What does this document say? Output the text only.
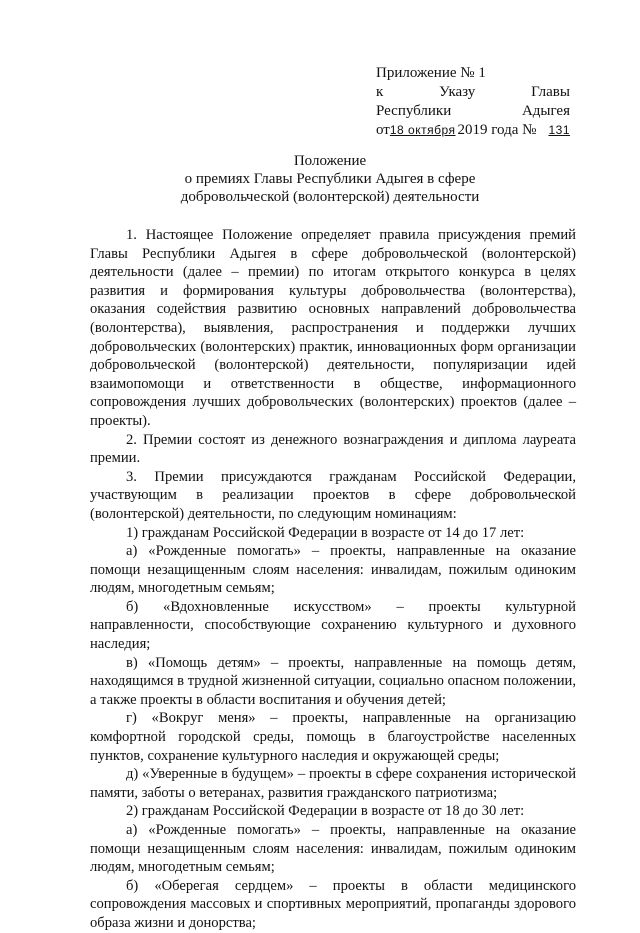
Приложение № 1
к	Указу	Главы
Республики	Адыгея
от 18 октября 2019 года №	131
Положение
о премиях Главы Республики Адыгея в сфере
добровольческой (волонтерской) деятельности

1. Настоящее Положение определяет правила присуждения премий Главы Республики Адыгея в сфере добровольческой (волонтерской) деятельности (далее – премии) по итогам открытого конкурса в целях развития и формирования культуры добровольчества (волонтерства), оказания содействия развитию основных направлений добровольчества (волонтерства), выявления, распространения и поддержки лучших добровольческих (волонтерских) практик, инновационных форм организации добровольческой (волонтерской) деятельности, популяризации идей взаимопомощи и ответственности в обществе, информационного сопровождения лучших добровольческих (волонтерских) проектов (далее – проекты).

2. Премии состоят из денежного вознаграждения и диплома лауреата премии.

3. Премии присуждаются гражданам Российской Федерации, участвующим в реализации проектов в сфере добровольческой (волонтерской) деятельности, по следующим номинациям:

1) гражданам Российской Федерации в возрасте от 14 до 17 лет:

а) «Рожденные помогать» – проекты, направленные на оказание помощи незащищенным слоям населения: инвалидам, пожилым одиноким людям, многодетным семьям;

б) «Вдохновленные искусством» – проекты культурной направленности, способствующие сохранению культурного и духовного наследия;

в) «Помощь детям» – проекты, направленные на помощь детям, находящимся в трудной жизненной ситуации, социально опасном положении, а также проекты в области воспитания и обучения детей;

г) «Вокруг меня» – проекты, направленные на организацию комфортной городской среды, помощь в благоустройстве населенных пунктов, сохранение культурного наследия и окружающей среды;

д) «Уверенные в будущем» – проекты в сфере сохранения исторической памяти, заботы о ветеранах, развития гражданского патриотизма;

2) гражданам Российской Федерации в возрасте от 18 до 30 лет:

а) «Рожденные помогать» – проекты, направленные на оказание помощи незащищенным слоям населения: инвалидам, пожилым одиноким людям, многодетным семьям;

б) «Оберегая сердцем» – проекты в области медицинского сопровождения массовых и спортивных мероприятий, пропаганды здорового образа жизни и донорства;
